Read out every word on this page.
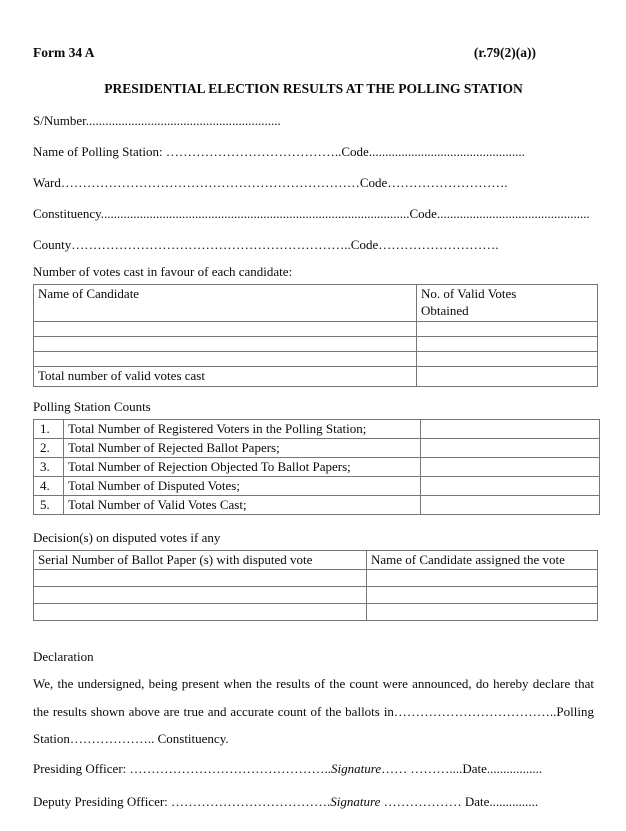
Form 34 A	(r.79(2)(a))
PRESIDENTIAL ELECTION RESULTS AT THE POLLING STATION
S/Number............................................................
Name of Polling Station: …………………………………..Code................................................
Ward……………………………………………………………Code……………………….
Constituency...............................................................................................Code...............................................
County………………………………………………………..Code……………………….
Number of votes cast in favour of each candidate:
Name of Candidate	No. of Valid Votes Obtained

Total number of valid votes cast	
Polling Station Counts
1.	Total Number of Registered Voters in the Polling Station;	
2.	Total Number of Rejected Ballot Papers;	
3.	Total Number of Rejection Objected To Ballot Papers;	
4.	Total Number of Disputed Votes;	
5.	Total Number of Valid Votes Cast;	
Decision(s) on disputed votes if any
Serial Number of Ballot Paper (s) with disputed vote	Name of Candidate assigned the vote

Declaration

We, the undersigned, being present when the results of the count were announced, do hereby declare that the results shown above are true and accurate count of the ballots in………………………………..Polling Station……………….. Constituency.

Presiding Officer: ………………………………………..Signature…… ………....Date.................
Deputy Presiding Officer: ……………………………….Signature ……………… Date...............
